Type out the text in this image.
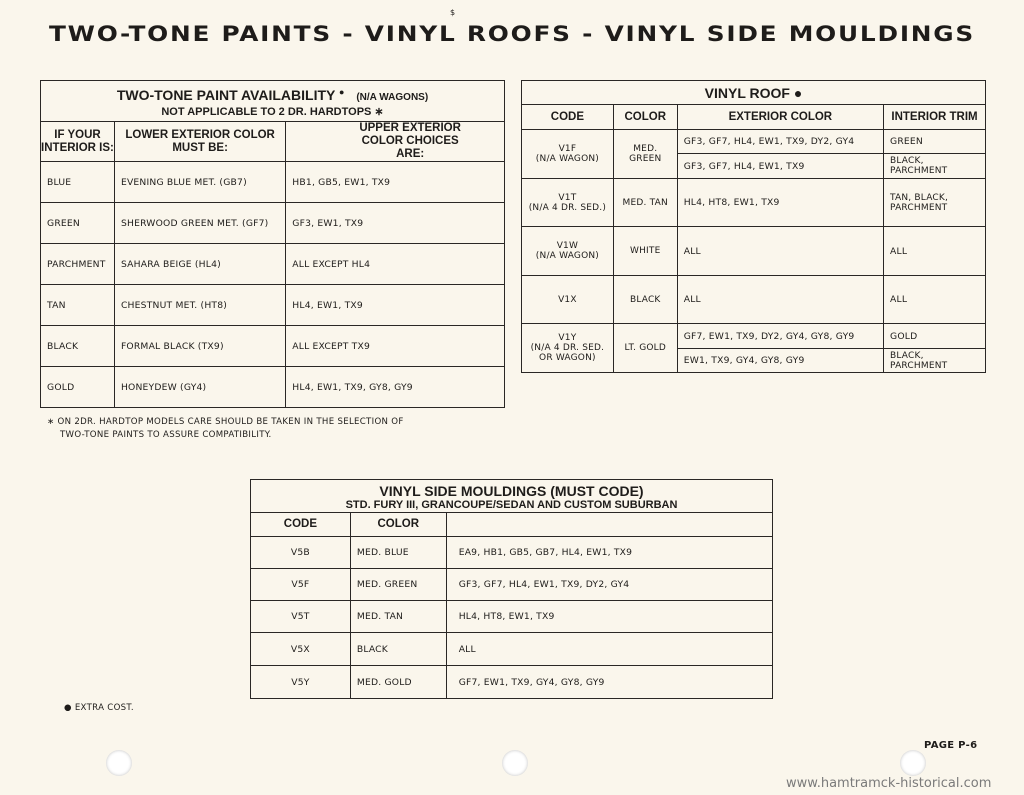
$
TWO-TONE PAINTS - VINYL ROOFS - VINYL SIDE MOULDINGS
TWO-TONE PAINT AVAILABILITY ● (N/A WAGONS)
NOT APPLICABLE TO 2 DR. HARDTOPS ∗		

IF YOUR INTERIOR IS:	LOWER EXTERIOR COLOR MUST BE:	UPPER EXTERIOR COLOR CHOICES ARE:
BLUE	EVENING BLUE MET. (GB7)	HB1, GB5, EW1, TX9
GREEN	SHERWOOD GREEN MET. (GF7)	GF3, EW1, TX9
PARCHMENT	SAHARA BEIGE (HL4)	ALL EXCEPT HL4
TAN	CHESTNUT MET. (HT8)	HL4, EW1, TX9
BLACK	FORMAL BLACK (TX9)	ALL EXCEPT TX9
GOLD	HONEYDEW (GY4)	HL4, EW1, TX9, GY8, GY9
∗ ON 2DR. HARDTOP MODELS CARE SHOULD BE TAKEN IN THE SELECTION OF
TWO-TONE PAINTS TO ASSURE COMPATIBILITY.
VINYL ROOF ●			
CODE	COLOR	EXTERIOR COLOR	INTERIOR TRIM

V1F
(N/A WAGON)	MED. GREEN	GF3, GF7, HL4, EW1, TX9, DY2, GY4	GREEN
		GF3, GF7, HL4, EW1, TX9	BLACK, PARCHMENT

V1T
(N/A 4 DR. SED.)	MED. TAN	HL4, HT8, EW1, TX9	TAN, BLACK, PARCHMENT

V1W
(N/A WAGON)	WHITE	ALL	ALL
V1X	BLACK	ALL	ALL

V1Y
(N/A 4 DR. SED. OR WAGON)	LT. GOLD	GF7, EW1, TX9, DY2, GY4, GY8, GY9	GOLD
		EW1, TX9, GY4, GY8, GY9	BLACK, PARCHMENT
VINYL SIDE MOULDINGS (MUST CODE)
STD. FURY III, GRANCOUPE/SEDAN AND CUSTOM SUBURBAN		

CODE	COLOR	
V5B	MED. BLUE	EA9, HB1, GB5, GB7, HL4, EW1, TX9
V5F	MED. GREEN	GF3, GF7, HL4, EW1, TX9, DY2, GY4
V5T	MED. TAN	HL4, HT8, EW1, TX9
V5X	BLACK	ALL
V5Y	MED. GOLD	GF7, EW1, TX9, GY4, GY8, GY9
● EXTRA COST.
PAGE P-6
www.hamtramck-historical.com
